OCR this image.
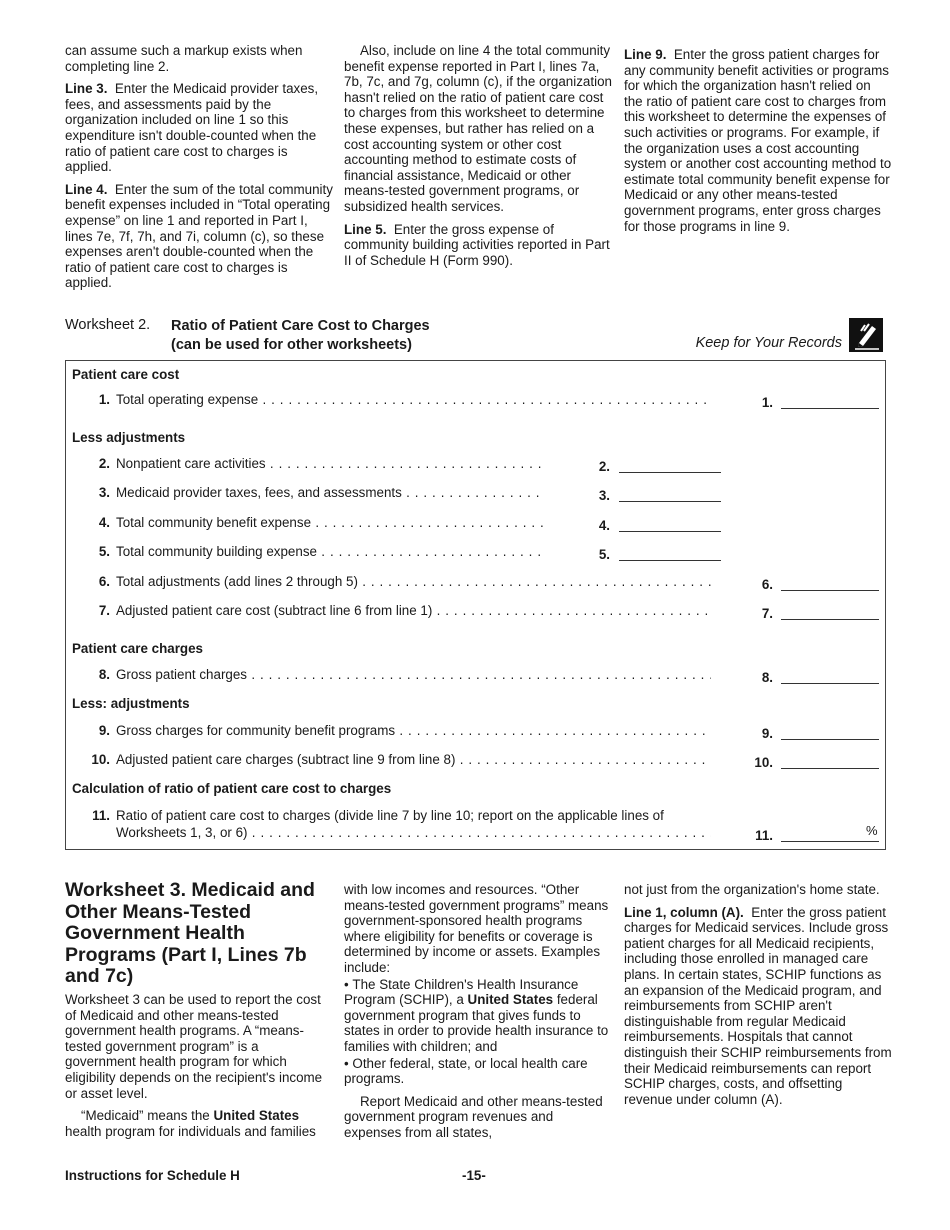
can assume such a markup exists when completing line 2.

Line 3. Enter the Medicaid provider taxes, fees, and assessments paid by the organization included on line 1 so this expenditure isn't double-counted when the ratio of patient care cost to charges is applied.

Line 4. Enter the sum of the total community benefit expenses included in “Total operating expense” on line 1 and reported in Part I, lines 7e, 7f, 7h, and 7i, column (c), so these expenses aren't double-counted when the ratio of patient care cost to charges is applied.

Also, include on line 4 the total community benefit expense reported in Part I, lines 7a, 7b, 7c, and 7g, column (c), if the organization hasn't relied on the ratio of patient care cost to charges from this worksheet to determine these expenses, but rather has relied on a cost accounting system or other cost accounting method to estimate costs of financial assistance, Medicaid or other means-tested government programs, or subsidized health services.

Line 5. Enter the gross expense of community building activities reported in Part II of Schedule H (Form 990).

Line 9. Enter the gross patient charges for any community benefit activities or programs for which the organization hasn't relied on the ratio of patient care cost to charges from this worksheet to determine the expenses of such activities or programs. For example, if the organization uses a cost accounting system or another cost accounting method to estimate total community benefit expense for Medicaid or any other means-tested government programs, enter gross charges for those programs in line 9.

Worksheet 2. Ratio of Patient Care Cost to Charges
(can be used for other worksheets)	Keep for Your Records
Patient care cost
1. Total operating expense . . .	1.
Less adjustments
2. Nonpatient care activities . . .	2.
3. Medicaid provider taxes, fees, and assessments . . .	3.
4. Total community benefit expense . . .	4.
5. Total community building expense . . .	5.
6. Total adjustments (add lines 2 through 5) . . .	6.
7. Adjusted patient care cost (subtract line 6 from line 1) . . .	7.
Patient care charges
8. Gross patient charges . . .	8.
Less: adjustments
9. Gross charges for community benefit programs . . .	9.
10. Adjusted patient care charges (subtract line 9 from line 8) . . .	10.
Calculation of ratio of patient care cost to charges
11. Ratio of patient care cost to charges (divide line 7 by line 10; report on the applicable lines of
Worksheets 1, 3, or 6) . . .	11.	%
Worksheet 3. Medicaid and Other Means-Tested Government Health Programs (Part I, Lines 7b and 7c)

Worksheet 3 can be used to report the cost of Medicaid and other means-tested government health programs. A “means-tested government program” is a government health program for which eligibility depends on the recipient's income or asset level.

“Medicaid” means the United States health program for individuals and families

with low incomes and resources. “Other means-tested government programs” means government-sponsored health programs where eligibility for benefits or coverage is determined by income or assets. Examples include:

• The State Children's Health Insurance Program (SCHIP), a United States federal government program that gives funds to states in order to provide health insurance to families with children; and

• Other federal, state, or local health care programs.

Report Medicaid and other means-tested government program revenues and expenses from all states,

not just from the organization's home state.

Line 1, column (A). Enter the gross patient charges for Medicaid services. Include gross patient charges for all Medicaid recipients, including those enrolled in managed care plans. In certain states, SCHIP functions as an expansion of the Medicaid program, and reimbursements from SCHIP aren't distinguishable from regular Medicaid reimbursements. Hospitals that cannot distinguish their SCHIP reimbursements from their Medicaid reimbursements can report SCHIP charges, costs, and offsetting revenue under column (A).

Instructions for Schedule H	-15-
